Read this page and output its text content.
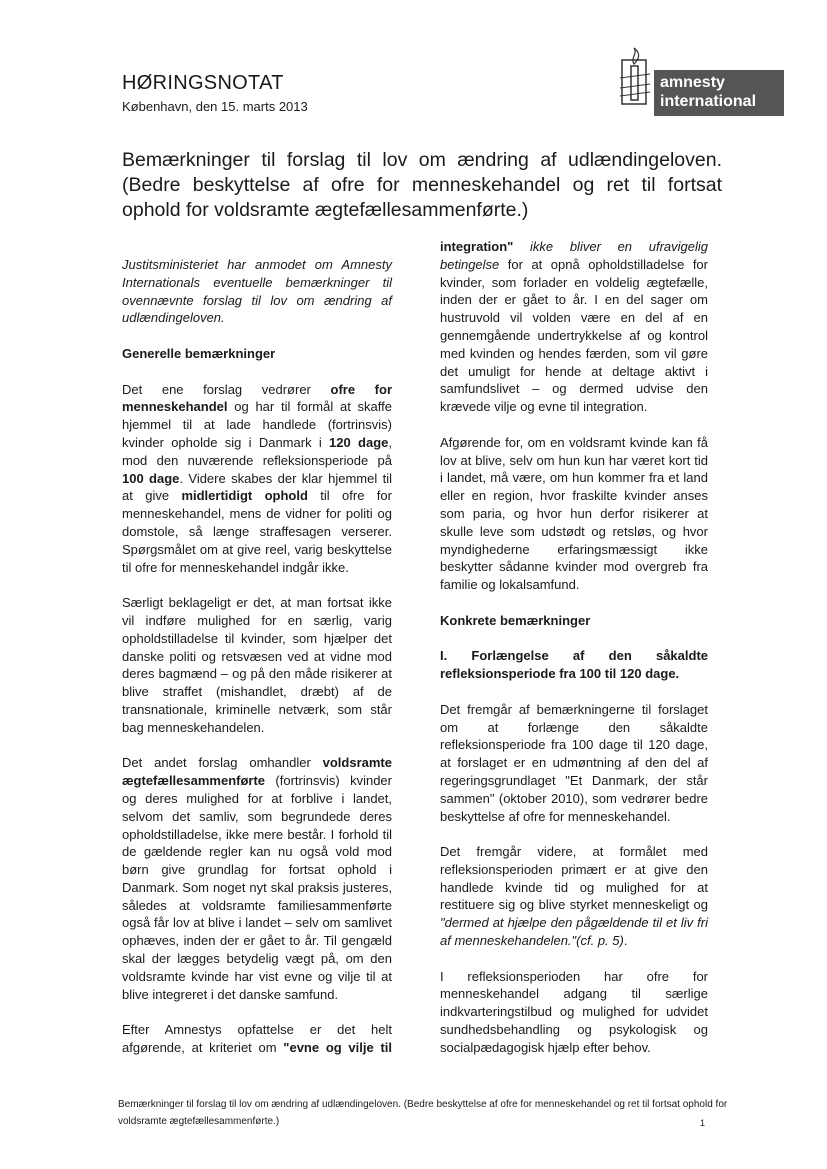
HØRINGSNOTAT
København, den 15. marts 2013
amnesty
international
Bemærkninger til forslag til lov om ændring af udlændingeloven. (Bedre beskyttelse af ofre for menneskehandel og ret til fortsat ophold for voldsramte ægtefællesammenførte.)

Justitsministeriet har anmodet om Amnesty Internationals eventuelle bemærkninger til ovennævnte forslag til lov om ændring af udlændingeloven.

Generelle bemærkninger

Det ene forslag vedrører ofre for menneskehandel og har til formål at skaffe hjemmel til at lade handlede (fortrinsvis) kvinder opholde sig i Danmark i 120 dage, mod den nuværende refleksionsperiode på 100 dage. Videre skabes der klar hjemmel til at give midlertidigt ophold til ofre for menneskehandel, mens de vidner for politi og domstole, så længe straffesagen verserer. Spørgsmålet om at give reel, varig beskyttelse til ofre for menneskehandel indgår ikke.

Særligt beklageligt er det, at man fortsat ikke vil indføre mulighed for en særlig, varig opholdstilladelse til kvinder, som hjælper det danske politi og retsvæsen ved at vidne mod deres bagmænd – og på den måde risikerer at blive straffet (mishandlet, dræbt) af de transnationale, kriminelle netværk, som står bag menneskehandelen.

Det andet forslag omhandler voldsramte ægtefællesammenførte (fortrinsvis) kvinder og deres mulighed for at forblive i landet, selvom det samliv, som begrundede deres opholdstilladelse, ikke mere består. I forhold til de gældende regler kan nu også vold mod børn give grundlag for fortsat ophold i Danmark. Som noget nyt skal praksis justeres, således at voldsramte familiesammenførte også får lov at blive i landet – selv om samlivet ophæves, inden der er gået to år. Til gengæld skal der lægges betydelig vægt på, om den voldsramte kvinde har vist evne og vilje til at blive integreret i det danske samfund.

Efter Amnestys opfattelse er det helt afgørende, at kriteriet om "evne og vilje til

integration" ikke bliver en ufravigelig betingelse for at opnå opholdstilladelse for kvinder, som forlader en voldelig ægtefælle, inden der er gået to år. I en del sager om hustruvold vil volden være en del af en gennemgående undertrykkelse af og kontrol med kvinden og hendes færden, som vil gøre det umuligt for hende at deltage aktivt i samfundslivet – og dermed udvise den krævede vilje og evne til integration.

Afgørende for, om en voldsramt kvinde kan få lov at blive, selv om hun kun har været kort tid i landet, må være, om hun kommer fra et land eller en region, hvor fraskilte kvinder anses som paria, og hvor hun derfor risikerer at skulle leve som udstødt og retsløs, og hvor myndighederne erfaringsmæssigt ikke beskytter sådanne kvinder mod overgreb fra familie og lokalsamfund.

Konkrete bemærkninger
I. Forlængelse af den såkaldte refleksionsperiode fra 100 til 120 dage.

Det fremgår af bemærkningerne til forslaget om at forlænge den såkaldte refleksionsperiode fra 100 dage til 120 dage, at forslaget er en udmøntning af den del af regeringsgrundlaget "Et Danmark, der står sammen" (oktober 2010), som vedrører bedre beskyttelse af ofre for menneskehandel.

Det fremgår videre, at formålet med refleksionsperioden primært er at give den handlede kvinde tid og mulighed for at restituere sig og blive styrket menneskeligt og "dermed at hjælpe den pågældende til et liv fri af menneskehandelen."(cf. p. 5).

I refleksionsperioden har ofre for menneskehandel adgang til særlige indkvarteringstilbud og mulighed for udvidet sundhedsbehandling og psykologisk og socialpædagogisk hjælp efter behov.

Bemærkninger til forslag til lov om ændring af udlændingeloven. (Bedre beskyttelse af ofre for menneskehandel og ret til fortsat ophold for voldsramte ægtefællesammenførte.)	1
